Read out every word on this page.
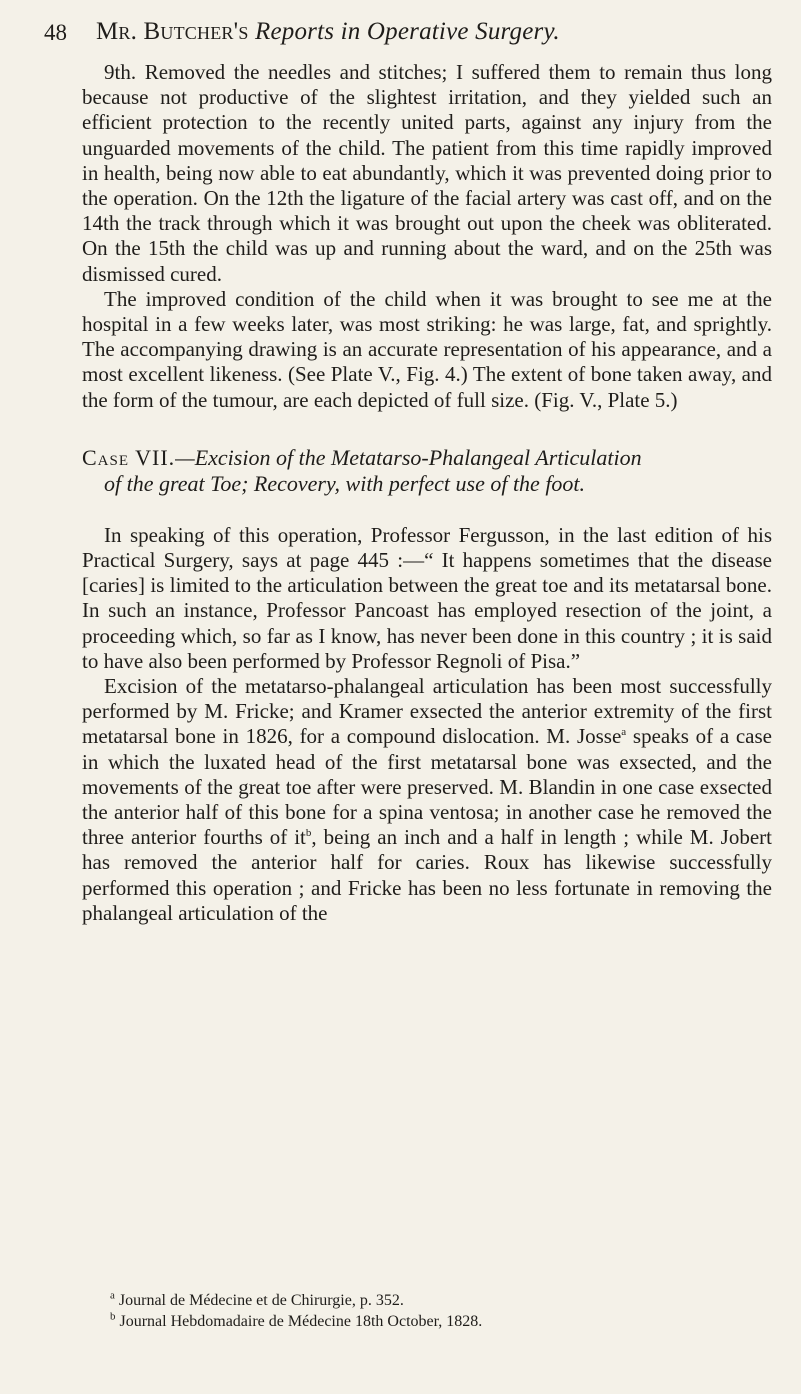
48 Mr. Butcher's Reports in Operative Surgery.

9th. Removed the needles and stitches; I suffered them to remain thus long because not productive of the slightest irritation, and they yielded such an efficient protection to the recently united parts, against any injury from the unguarded movements of the child. The patient from this time rapidly improved in health, being now able to eat abundantly, which it was prevented doing prior to the operation. On the 12th the ligature of the facial artery was cast off, and on the 14th the track through which it was brought out upon the cheek was obliterated. On the 15th the child was up and running about the ward, and on the 25th was dismissed cured.

The improved condition of the child when it was brought to see me at the hospital in a few weeks later, was most striking: he was large, fat, and sprightly. The accompanying drawing is an accurate representation of his appearance, and a most excellent likeness. (See Plate V., Fig. 4.) The extent of bone taken away, and the form of the tumour, are each depicted of full size. (Fig. V., Plate 5.)

Case VII.—Excision of the Metatarso-Phalangeal Articulation
of the great Toe; Recovery, with perfect use of the foot.

In speaking of this operation, Professor Fergusson, in the last edition of his Practical Surgery, says at page 445 :—“ It happens sometimes that the disease [caries] is limited to the articulation between the great toe and its metatarsal bone. In such an instance, Professor Pancoast has employed resection of the joint, a proceeding which, so far as I know, has never been done in this country ; it is said to have also been performed by Professor Regnoli of Pisa.”

Excision of the metatarso-phalangeal articulation has been most successfully performed by M. Fricke; and Kramer exsected the anterior extremity of the first metatarsal bone in 1826, for a compound dislocation. M. Josse$^a$ speaks of a case in which the luxated head of the first metatarsal bone was exsected, and the movements of the great toe after were preserved. M. Blandin in one case exsected the anterior half of this bone for a spina ventosa; in another case he removed the three anterior fourths of $it^b$, being an inch and a half in length ; while M. Jobert has removed the anterior half for caries. Roux has likewise successfully performed this operation ; and Fricke has been no less fortunate in removing the phalangeal articulation of the

$^a$ Journal de Médecine et de Chirurgie, p. 352.
$^b$ Journal Hebdomadaire de Médecine 18th October, 1828.
